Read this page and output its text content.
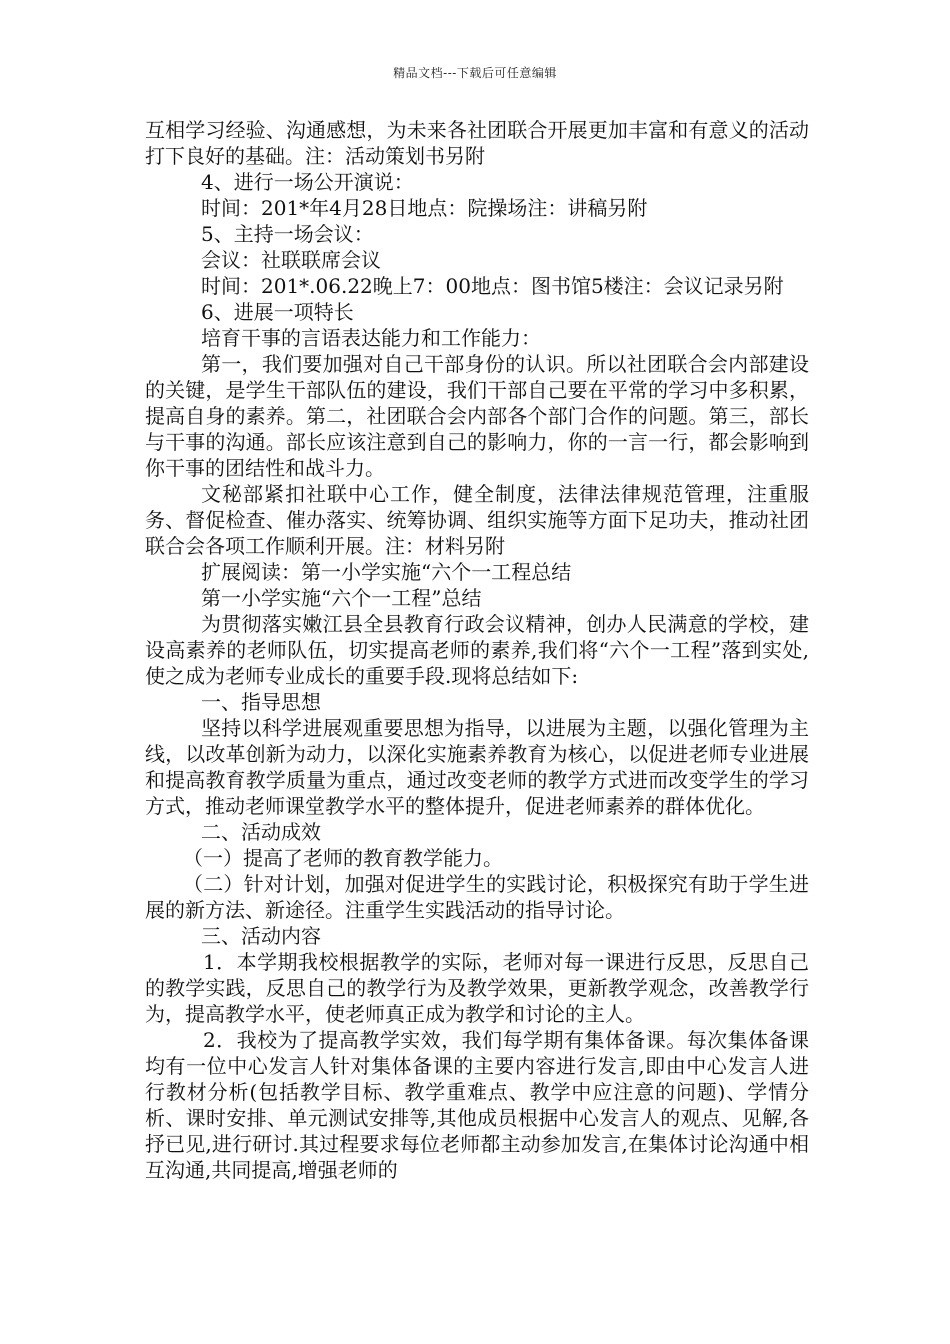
精品文档---下载后可任意编辑

互相学习经验、沟通感想，为未来各社团联合开展更加丰富和有意义的活动打下良好的基础。注：活动策划书另附

4、进行一场公开演说：

时间：201*年4月28日地点：院操场注：讲稿另附

5、主持一场会议：

会议：社联联席会议

时间：201*.06.22晚上7：00地点：图书馆5楼注：会议记录另附

6、进展一项特长

培育干事的言语表达能力和工作能力：

第一，我们要加强对自己干部身份的认识。所以社团联合会内部建设的关键，是学生干部队伍的建设，我们干部自己要在平常的学习中多积累，提高自身的素养。第二，社团联合会内部各个部门合作的问题。第三，部长与干事的沟通。部长应该注意到自己的影响力，你的一言一行，都会影响到你干事的团结性和战斗力。

文秘部紧扣社联中心工作，健全制度，法律法律规范管理，注重服务、督促检查、催办落实、统筹协调、组织实施等方面下足功夫，推动社团联合会各项工作顺利开展。注：材料另附

扩展阅读：第一小学实施“六个一工程总结

第一小学实施“六个一工程”总结

为贯彻落实嫩江县全县教育行政会议精神，创办人民满意的学校，建设高素养的老师队伍，切实提高老师的素养,我们将“六个一工程”落到实处,使之成为老师专业成长的重要手段.现将总结如下:

一、指导思想

坚持以科学进展观重要思想为指导，以进展为主题，以强化管理为主线，以改革创新为动力，以深化实施素养教育为核心，以促进老师专业进展和提高教育教学质量为重点，通过改变老师的教学方式进而改变学生的学习方式，推动老师课堂教学水平的整体提升，促进老师素养的群体优化。

二、活动成效

（一）提高了老师的教育教学能力。

（二）针对计划，加强对促进学生的实践讨论，积极探究有助于学生进展的新方法、新途径。注重学生实践活动的指导讨论。

三、活动内容

1．本学期我校根据教学的实际，老师对每一课进行反思，反思自己的教学实践，反思自己的教学行为及教学效果，更新教学观念，改善教学行为，提高教学水平，使老师真正成为教学和讨论的主人。

2．我校为了提高教学实效，我们每学期有集体备课。每次集体备课均有一位中心发言人针对集体备课的主要内容进行发言,即由中心发言人进行教材分析(包括教学目标、教学重难点、教学中应注意的问题)、学情分析、课时安排、单元测试安排等,其他成员根据中心发言人的观点、见解,各抒已见,进行研讨.其过程要求每位老师都主动参加发言,在集体讨论沟通中相互沟通,共同提高,增强老师的
